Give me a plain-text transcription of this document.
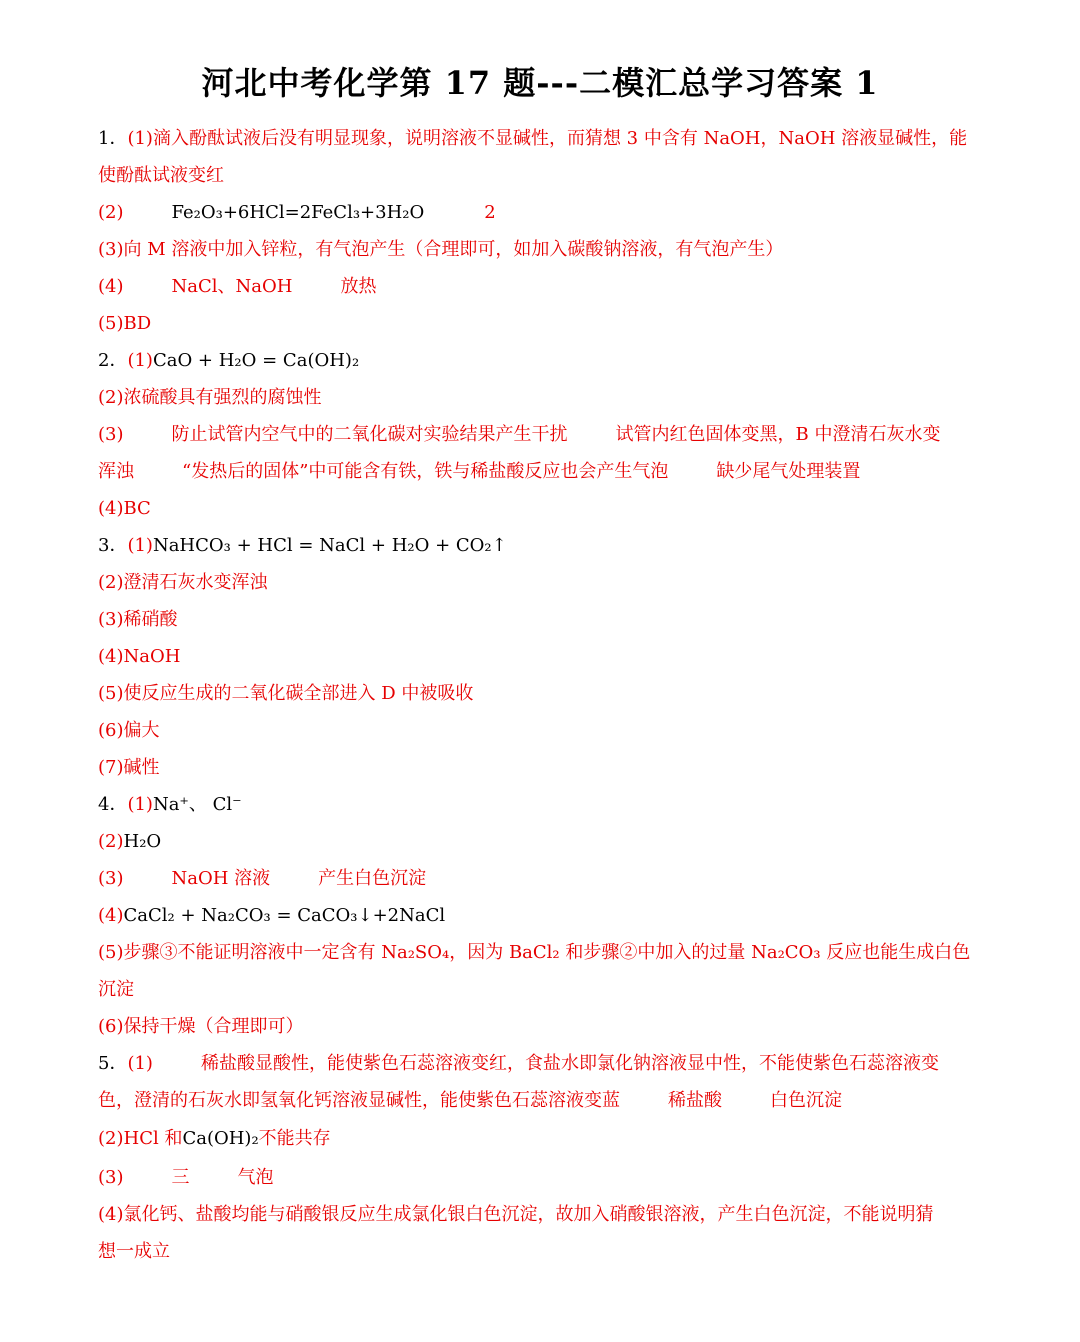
河北中考化学第 17 题---二模汇总学习答案 1
1．(1)滴入酚酞试液后没有明显现象，说明溶液不显碱性，而猜想 3 中含有 NaOH，NaOH 溶液显碱性，能
使酚酞试液变红
(2)	Fe₂O₃+6HCl=2FeCl₃+3H₂O	2
(3)向 M 溶液中加入锌粒，有气泡产生（合理即可，如加入碳酸钠溶液，有气泡产生）
(4)	NaCl、NaOH	放热
(5)BD
2．(1)CaO + H₂O = Ca(OH)₂
(2)浓硫酸具有强烈的腐蚀性
(3)	防止试管内空气中的二氧化碳对实验结果产生干扰	试管内红色固体变黑，B 中澄清石灰水变
浑浊	“发热后的固体”中可能含有铁，铁与稀盐酸反应也会产生气泡	缺少尾气处理装置
(4)BC
3．(1)NaHCO₃ + HCl = NaCl + H₂O + CO₂↑
(2)澄清石灰水变浑浊
(3)稀硝酸
(4)NaOH
(5)使反应生成的二氧化碳全部进入 D 中被吸收
(6)偏大
(7)碱性
4．(1)Na⁺、 Cl⁻
(2)H₂O
(3)	NaOH 溶液	产生白色沉淀
(4)CaCl₂ + Na₂CO₃ = CaCO₃↓+2NaCl
(5)步骤③不能证明溶液中一定含有 Na₂SO₄，因为 BaCl₂ 和步骤②中加入的过量 Na₂CO₃ 反应也能生成白色
沉淀
(6)保持干燥（合理即可）
5．(1)	稀盐酸显酸性，能使紫色石蕊溶液变红，食盐水即氯化钠溶液显中性，不能使紫色石蕊溶液变
色，澄清的石灰水即氢氧化钙溶液显碱性，能使紫色石蕊溶液变蓝	稀盐酸	白色沉淀
(2)HCl 和Ca(OH)₂不能共存
(3)	三	气泡
(4)氯化钙、盐酸均能与硝酸银反应生成氯化银白色沉淀，故加入硝酸银溶液，产生白色沉淀，不能说明猜
想一成立
